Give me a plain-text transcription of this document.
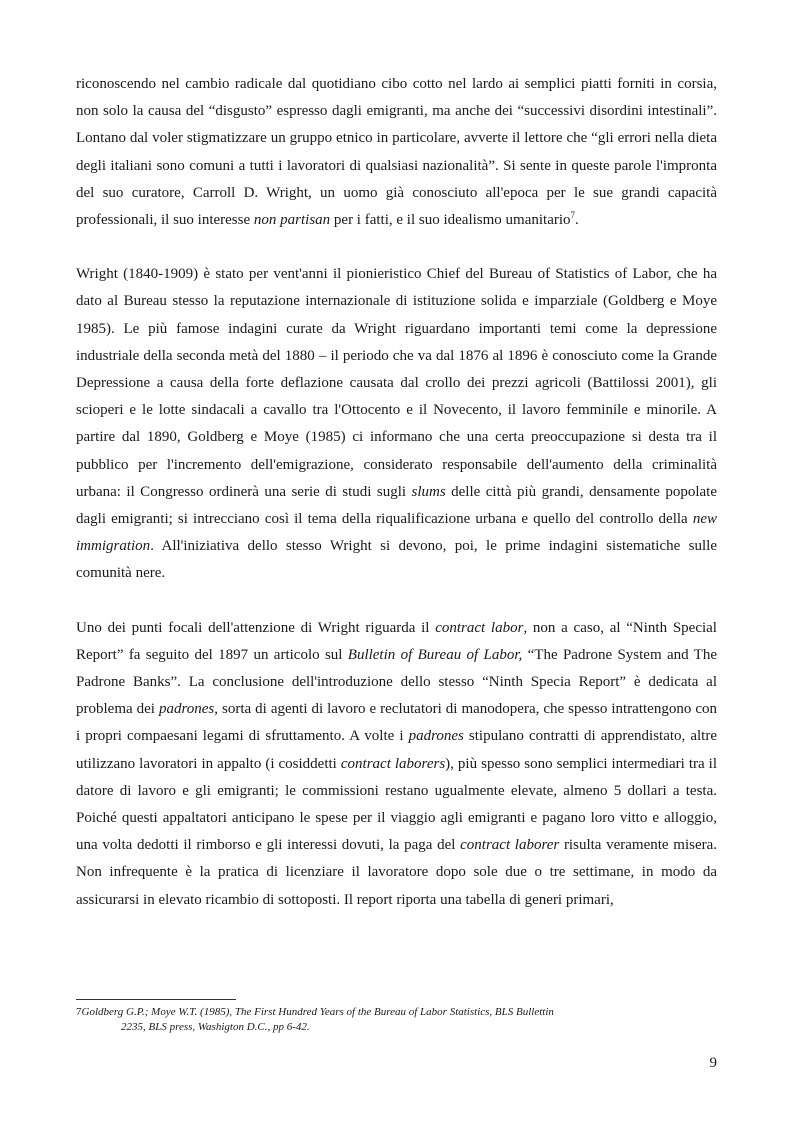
riconoscendo nel cambio radicale dal quotidiano cibo cotto nel lardo ai semplici piatti forniti in corsia, non solo la causa del “disgusto” espresso dagli emigranti, ma anche dei “successivi disordini intestinali”. Lontano dal voler stigmatizzare un gruppo etnico in particolare, avverte il lettore che “gli errori nella dieta degli italiani sono comuni a tutti i lavoratori di qualsiasi nazionalità”. Si sente in queste parole l'impronta del suo curatore, Carroll D. Wright, un uomo già conosciuto all'epoca per le sue grandi capacità professionali, il suo interesse non partisan per i fatti, e il suo idealismo umanitario$^7$.

Wright (1840-1909) è stato per vent'anni il pionieristico Chief del Bureau of Statistics of Labor, che ha dato al Bureau stesso la reputazione internazionale di istituzione solida e imparziale (Goldberg e Moye 1985). Le più famose indagini curate da Wright riguardano importanti temi come la depressione industriale della seconda metà del 1880 – il periodo che va dal 1876 al 1896 è conosciuto come la Grande Depressione a causa della forte deflazione causata dal crollo dei prezzi agricoli (Battilossi 2001), gli scioperi e le lotte sindacali a cavallo tra l'Ottocento e il Novecento, il lavoro femminile e minorile. A partire dal 1890, Goldberg e Moye (1985) ci informano che una certa preoccupazione si desta tra il pubblico per l'incremento dell'emigrazione, considerato responsabile dell'aumento della criminalità urbana: il Congresso ordinerà una serie di studi sugli slums delle città più grandi, densamente popolate dagli emigranti; si intrecciano così il tema della riqualificazione urbana e quello del controllo della new immigration. All'iniziativa dello stesso Wright si devono, poi, le prime indagini sistematiche sulle comunità nere.

Uno dei punti focali dell'attenzione di Wright riguarda il contract labor, non a caso, al “Ninth Special Report” fa seguito del 1897 un articolo sul Bulletin of Bureau of Labor, “The Padrone System and The Padrone Banks”. La conclusione dell'introduzione dello stesso “Ninth Specia Report” è dedicata al problema dei padrones, sorta di agenti di lavoro e reclutatori di manodopera, che spesso intrattengono con i propri compaesani legami di sfruttamento. A volte i padrones stipulano contratti di apprendistato, altre utilizzano lavoratori in appalto (i cosiddetti contract laborers), più spesso sono semplici intermediari tra il datore di lavoro e gli emigranti; le commissioni restano ugualmente elevate, almeno 5 dollari a testa. Poiché questi appaltatori anticipano le spese per il viaggio agli emigranti e pagano loro vitto e alloggio, una volta dedotti il rimborso e gli interessi dovuti, la paga del contract laborer risulta veramente misera. Non infrequente è la pratica di licenziare il lavoratore dopo sole due o tre settimane, in modo da assicurarsi in elevato ricambio di sottoposti. Il report riporta una tabella di generi primari,

7Goldberg G.P.; Moye W.T. (1985), The First Hundred Years of the Bureau of Labor Statistics, BLS Bullettin
2235, BLS press, Washigton D.C., pp 6-42.
9
